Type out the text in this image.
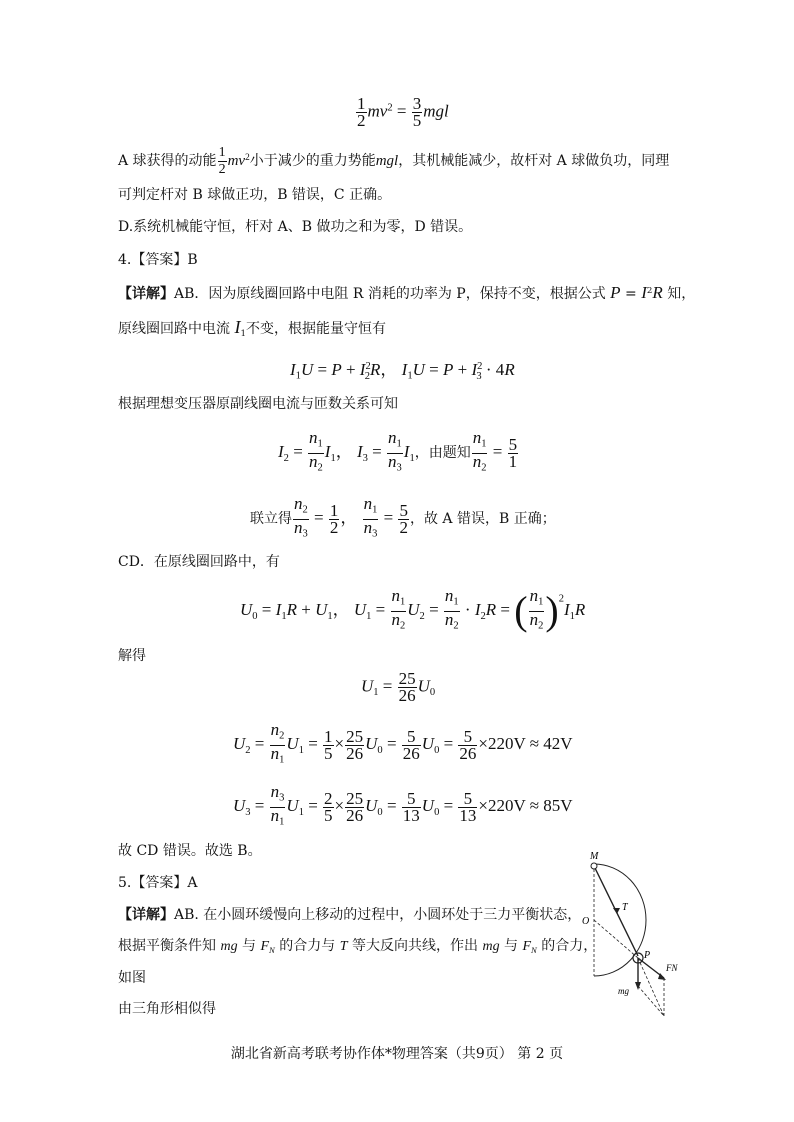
$\frac{1}{2} mv^2 = \frac{3}{5}$ mgl
A 球获得的动能 $\frac{1}{2} mv^2$小于减少的重力势能mgl，其机械能减少，故杆对 A 球做负功，同理
可判定杆对 B 球做正功，B 错误，C 正确。
D.系统机械能守恒，杆对 A、B 做功之和为零，D 错误。
4.【答案】B
【详解】AB．因为原线圈回路中电阻 R 消耗的功率为 P，保持不变，根据公式 $P = I^2R$ 知，
原线圈回路中电流 $I_1$不变，根据能量守恒有
$I_1U = P + I^2_2R$， $I_1U = P + I^2_3 \cdot 4R$
根据理想变压器原副线圈电流与匝数关系可知
$I_2 = \frac{n_1}{n_2} I_1$， $I_3 = \frac{n_1}{n_3} I_1$，由题知 $\frac{n_1}{n_2} = \frac{5}{1}$
联立得 $\frac{n_2}{n_3} = \frac{1}{2}$ ， $\frac{n_1}{n_3} = \frac{5}{2}$ ，故 A 错误，B 正确；
CD．在原线圈回路中，有
$U_0 = I_1R + U_1$， $U_1 = \frac{n_1}{n_2} U_2 = \frac{n_1}{n_2} \cdot I_2R$ = ( $\frac{n_1}{n_2} )^2I_1R$
解得
$U_1 = \frac{25}{26} U_0$
$U_2 = \frac{n_2}{n_1} U_1 = \frac{1}{5} \times \frac{25}{26} U_0 = \frac{5}{26} U_0 = \frac{5}{26} \times 220V \approx 42V$
$U_3 = \frac{n_3}{n_1} U_1 = \frac{2}{5} \times \frac{25}{26} U_0 = \frac{5}{13} U_0 = \frac{5}{13} \times 220V \approx 85V$
故 CD 错误。故选 B。
5.【答案】A
【详解】AB. 在小圆环缓慢向上移动的过程中，小圆环处于三力平衡状态，
根据平衡条件知 mg 与 $F_N$ 的合力与 T 等大反向共线，作出 mg 与 $F_N$ 的合力，
如图
由三角形相似得
M
O
T
P
mg
FN
湖北省新高考联考协作体*物理答案（共9页） 第 2 页
